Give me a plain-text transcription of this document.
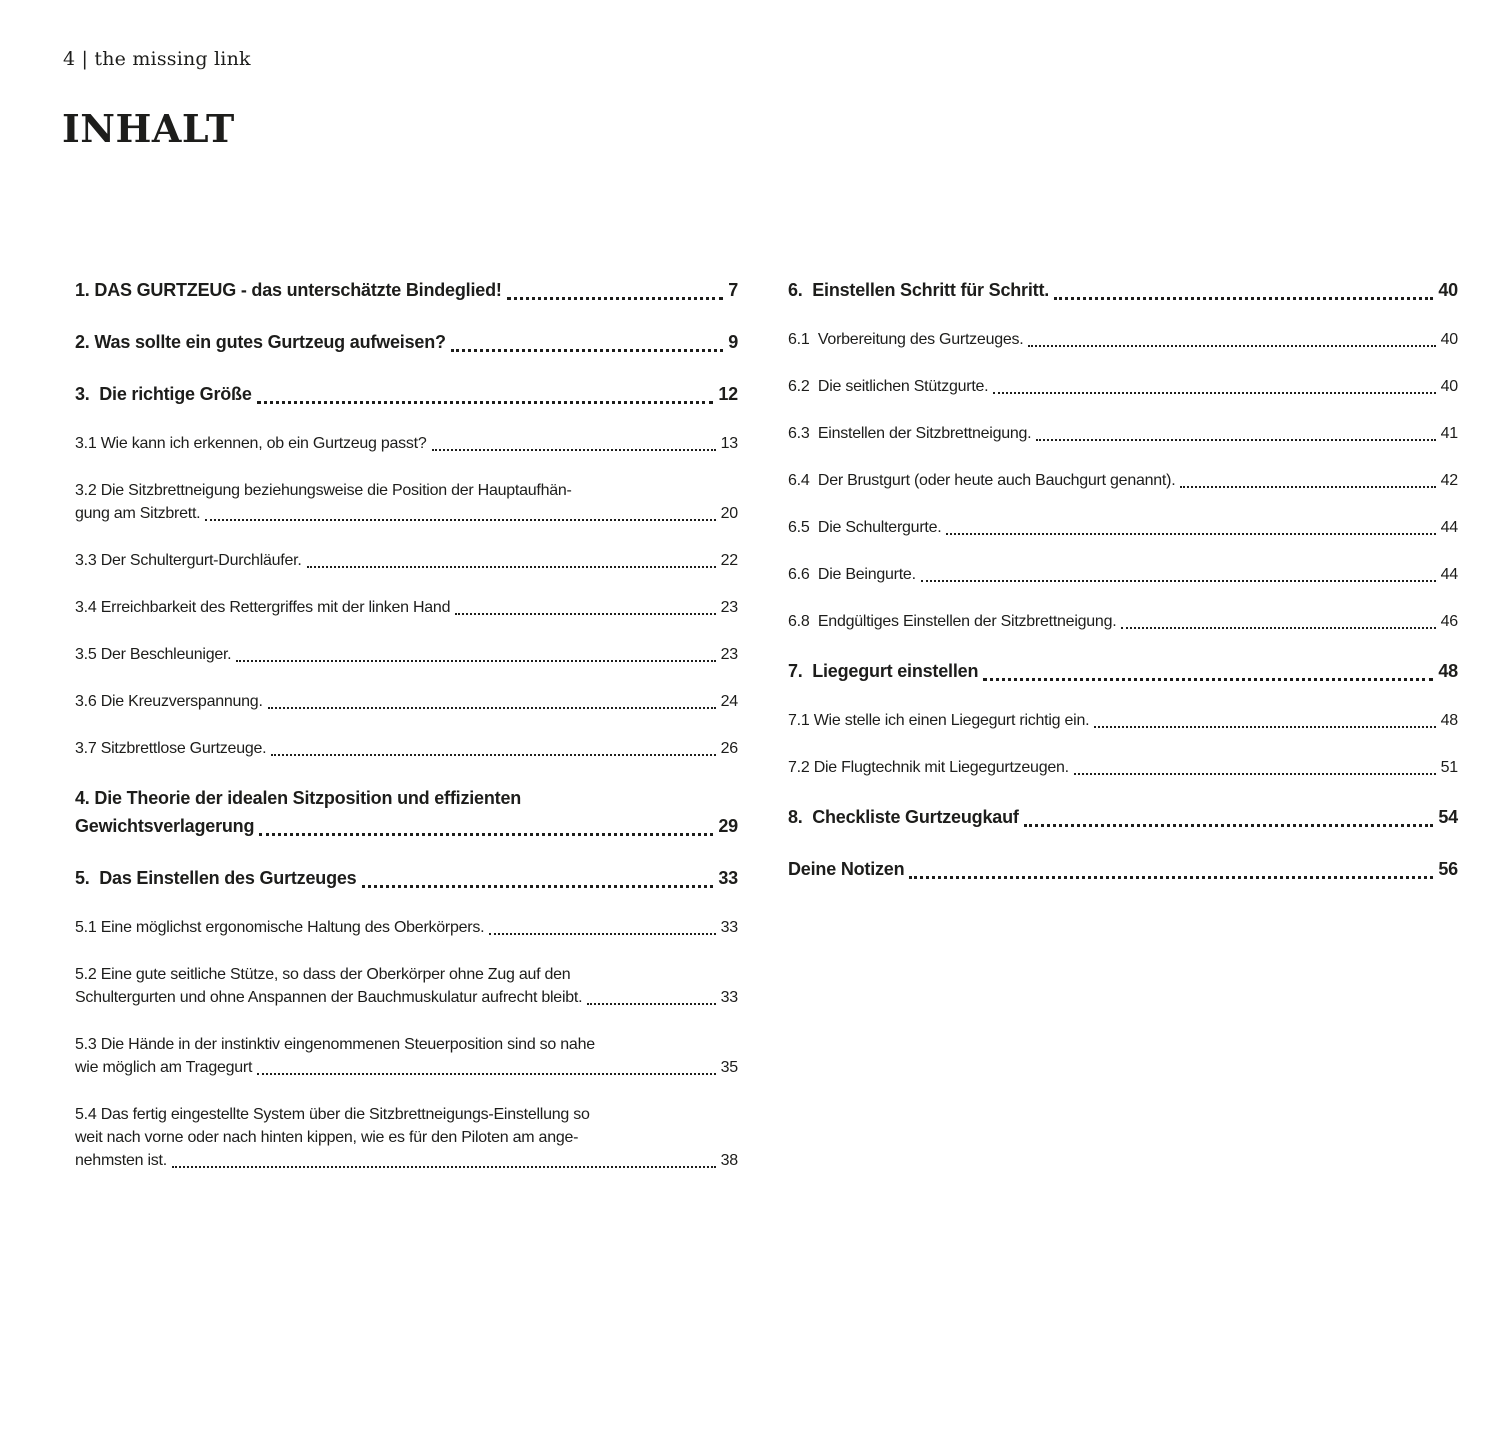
4 | the missing link
INHALT
1. DAS GURTZEUG - das unterschätzte Bindeglied!	7
2. Was sollte ein gutes Gurtzeug aufweisen?	9
3.  Die richtige Größe	12
3.1 Wie kann ich erkennen, ob ein Gurtzeug passt?	13
3.2 Die Sitzbrettneigung beziehungsweise die Position der Hauptaufhän-
gung am Sitzbrett.	20
3.3 Der Schultergurt-Durchläufer.	22
3.4 Erreichbarkeit des Rettergriffes mit der linken Hand	23
3.5 Der Beschleuniger.	23
3.6 Die Kreuzverspannung.	24
3.7 Sitzbrettlose Gurtzeuge.	26
4. Die Theorie der idealen Sitzposition und effizienten
Gewichtsverlagerung	29
5.  Das Einstellen des Gurtzeuges	33
5.1 Eine möglichst ergonomische Haltung des Oberkörpers.	33
5.2 Eine gute seitliche Stütze, so dass der Oberkörper ohne Zug auf den
Schultergurten und ohne Anspannen der Bauchmuskulatur aufrecht bleibt.	33
5.3 Die Hände in der instinktiv eingenommenen Steuerposition sind so nahe
wie möglich am Tragegurt	35
5.4 Das fertig eingestellte System über die Sitzbrettneigungs-Einstellung so
weit nach vorne oder nach hinten kippen, wie es für den Piloten am ange-
nehmsten ist.	38
6.  Einstellen Schritt für Schritt.	40
6.1  Vorbereitung des Gurtzeuges.	40
6.2  Die seitlichen Stützgurte.	40
6.3  Einstellen der Sitzbrettneigung.	41
6.4  Der Brustgurt (oder heute auch Bauchgurt genannt).	42
6.5  Die Schultergurte.	44
6.6  Die Beingurte.	44
6.8  Endgültiges Einstellen der Sitzbrettneigung.	46
7.  Liegegurt einstellen	48
7.1 Wie stelle ich einen Liegegurt richtig ein.	48
7.2 Die Flugtechnik mit Liegegurtzeugen.	51
8.  Checkliste Gurtzeugkauf	54
Deine Notizen	56
